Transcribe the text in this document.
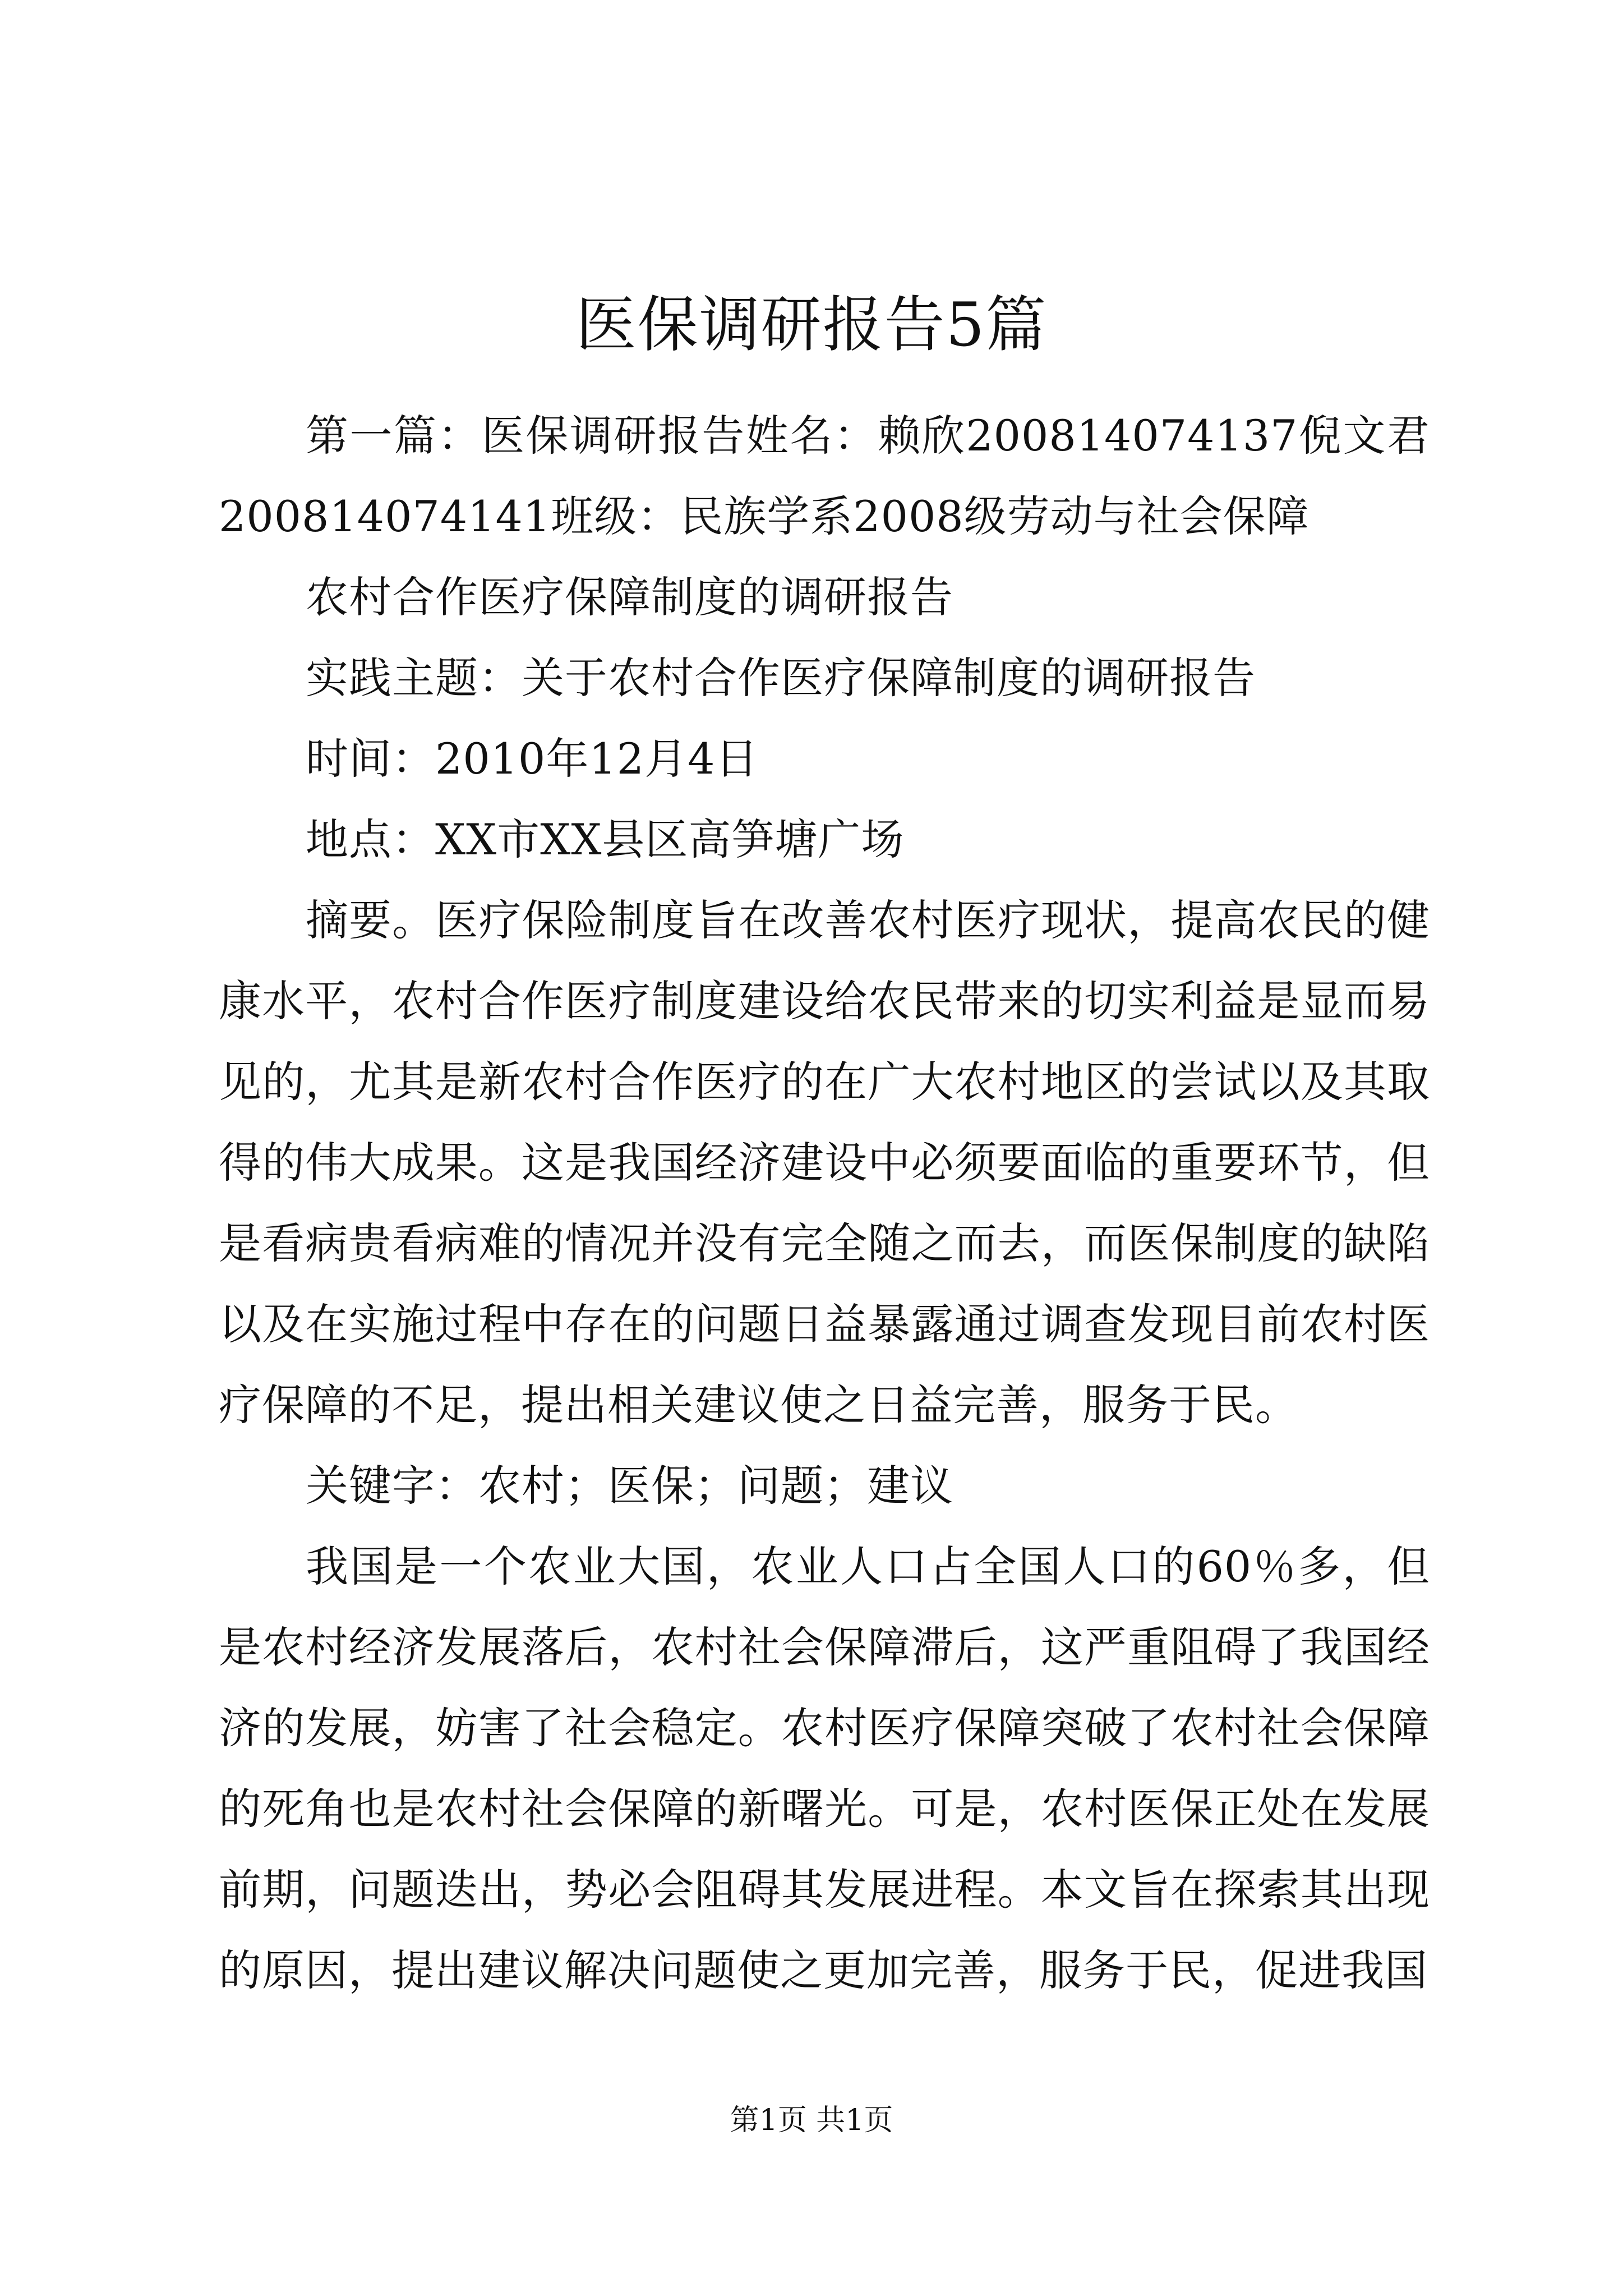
医保调研报告5篇

第一篇：医保调研报告姓名：赖欣200814074137倪文君200814074141班级：民族学系2008级劳动与社会保障

农村合作医疗保障制度的调研报告

实践主题：关于农村合作医疗保障制度的调研报告

时间：2010年12月4日

地点：XX市XX县区高笋塘广场

摘要。医疗保险制度旨在改善农村医疗现状，提高农民的健康水平，农村合作医疗制度建设给农民带来的切实利益是显而易见的，尤其是新农村合作医疗的在广大农村地区的尝试以及其取得的伟大成果。这是我国经济建设中必须要面临的重要环节，但是看病贵看病难的情况并没有完全随之而去，而医保制度的缺陷以及在实施过程中存在的问题日益暴露通过调查发现目前农村医疗保障的不足，提出相关建议使之日益完善，服务于民。

关键字：农村；医保；问题；建议

我国是一个农业大国，农业人口占全国人口的60％多，但是农村经济发展落后，农村社会保障滞后，这严重阻碍了我国经济的发展，妨害了社会稳定。农村医疗保障突破了农村社会保障的死角也是农村社会保障的新曙光。可是，农村医保正处在发展前期，问题迭出，势必会阻碍其发展进程。本文旨在探索其出现的原因，提出建议解决问题使之更加完善，服务于民，促进我国

第1页 共1页
